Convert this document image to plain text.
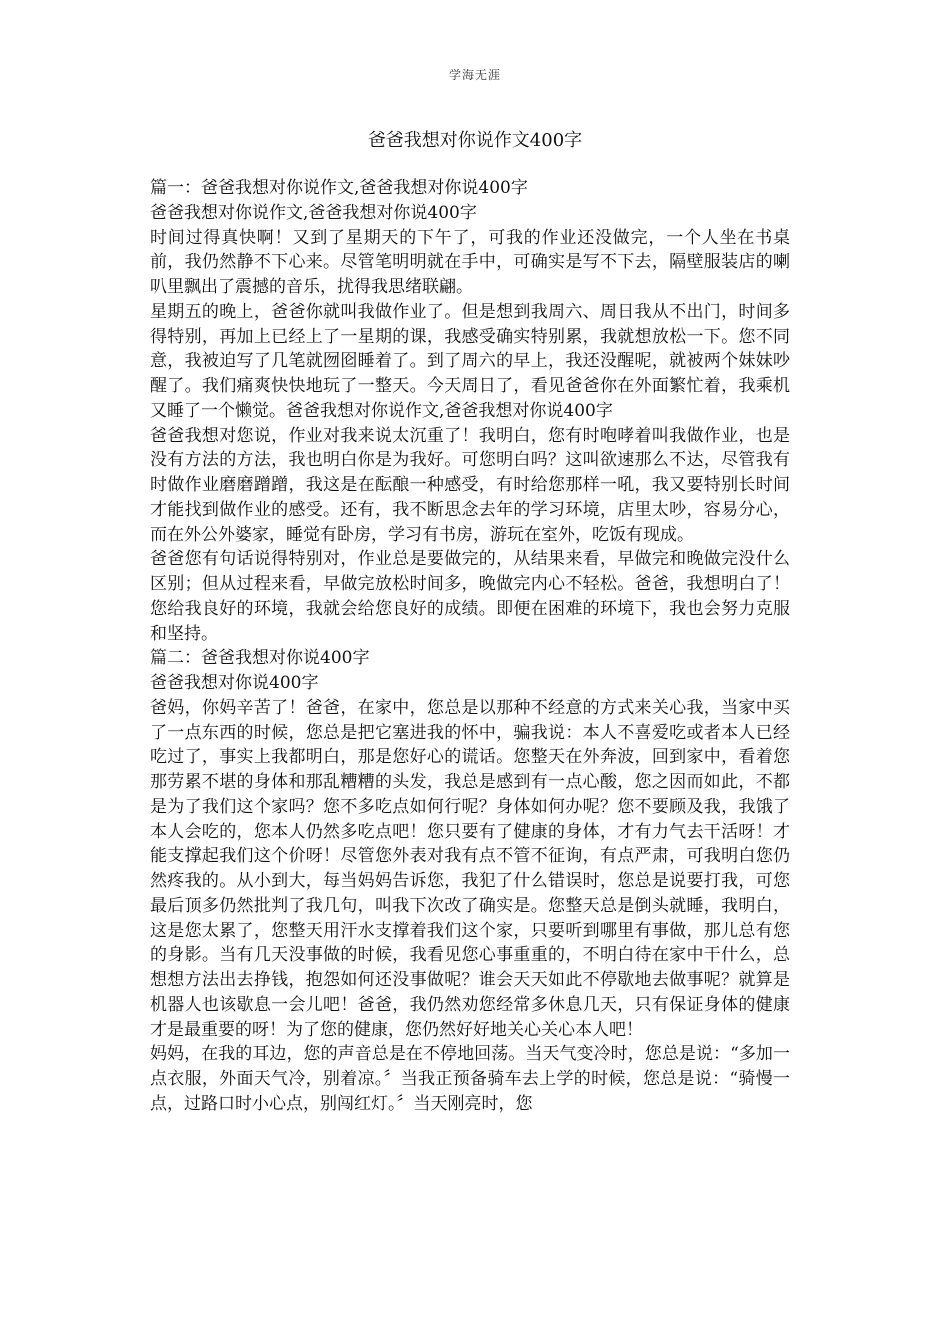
学海无涯
爸爸我想对你说作文400字

篇一：爸爸我想对你说作文,爸爸我想对你说400字

爸爸我想对你说作文,爸爸我想对你说400字

时间过得真快啊！又到了星期天的下午了，可我的作业还没做完，一个人坐在书桌前，我仍然静不下心来。尽管笔明明就在手中，可确实是写不下去，隔壁服装店的喇叭里飘出了震撼的音乐，扰得我思绪联翩。

星期五的晚上，爸爸你就叫我做作业了。但是想到我周六、周日我从不出门，时间多得特别，再加上已经上了一星期的课，我感受确实特别累，我就想放松一下。您不同意，我被迫写了几笔就囫囵睡着了。到了周六的早上，我还没醒呢，就被两个妹妹吵醒了。我们痛爽快快地玩了一整天。今天周日了，看见爸爸你在外面繁忙着，我乘机又睡了一个懒觉。爸爸我想对你说作文,爸爸我想对你说400字

爸爸我想对您说，作业对我来说太沉重了！我明白，您有时咆哮着叫我做作业，也是没有方法的方法，我也明白你是为我好。可您明白吗？这叫欲速那么不达，尽管我有时做作业磨磨蹭蹭，我这是在酝酿一种感受，有时给您那样一吼，我又要特别长时间才能找到做作业的感受。还有，我不断思念去年的学习环境，店里太吵，容易分心，而在外公外婆家，睡觉有卧房，学习有书房，游玩在室外，吃饭有现成。

爸爸您有句话说得特别对，作业总是要做完的，从结果来看，早做完和晚做完没什么区别；但从过程来看，早做完放松时间多，晚做完内心不轻松。爸爸，我想明白了！您给我良好的环境，我就会给您良好的成绩。即便在困难的环境下，我也会努力克服和坚持。

篇二：爸爸我想对你说400字

爸爸我想对你说400字

爸妈，你妈辛苦了！爸爸，在家中，您总是以那种不经意的方式来关心我，当家中买了一点东西的时候，您总是把它塞进我的怀中，骗我说：本人不喜爱吃或者本人已经吃过了，事实上我都明白，那是您好心的谎话。您整天在外奔波，回到家中，看着您那劳累不堪的身体和那乱糟糟的头发，我总是感到有一点心酸，您之因而如此，不都是为了我们这个家吗？您不多吃点如何行呢？身体如何办呢？您不要顾及我，我饿了本人会吃的，您本人仍然多吃点吧！您只要有了健康的身体，才有力气去干活呀！才能支撑起我们这个价呀！尽管您外表对我有点不管不征询，有点严肃，可我明白您仍然疼我的。从小到大，每当妈妈告诉您，我犯了什么错误时，您总是说要打我，可您最后顶多仍然批判了我几句，叫我下次改了确实是。您整天总是倒头就睡，我明白，这是您太累了，您整天用汗水支撑着我们这个家，只要听到哪里有事做，那儿总有您的身影。当有几天没事做的时候，我看见您心事重重的，不明白待在家中干什么，总想想方法出去挣钱，抱怨如何还没事做呢？谁会天天如此不停歇地去做事呢？就算是机器人也该歇息一会儿吧！爸爸，我仍然劝您经常多休息几天，只有保证身体的健康才是最重要的呀！为了您的健康，您仍然好好地关心关心本人吧！

妈妈，在我的耳边，您的声音总是在不停地回荡。当天气变冷时，您总是说：“多加一点衣服，外面天气冷，别着凉。〞当我正预备骑车去上学的时候，您总是说：“骑慢一点，过路口时小心点，别闯红灯。〞当天刚亮时，您
